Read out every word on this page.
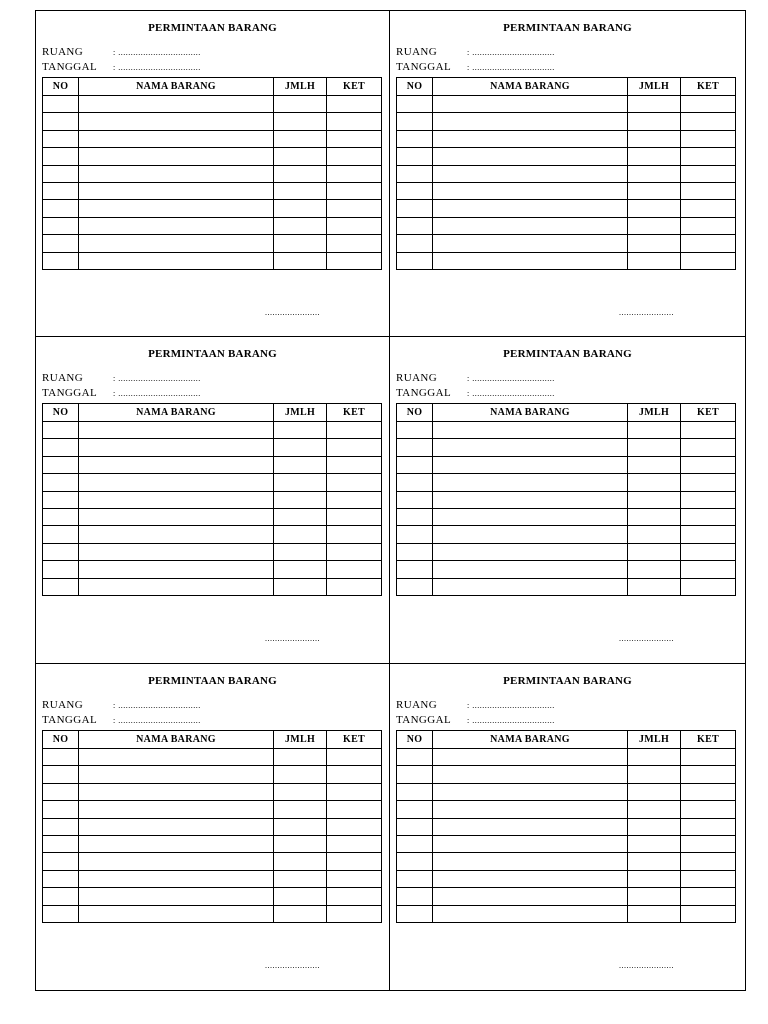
PERMINTAAN BARANG
RUANG	: .................................
TANGGAL : .................................
NO	NAMA BARANG	JMLH	KET

......................
PERMINTAAN BARANG
RUANG	: .................................
TANGGAL : .................................
NO	NAMA BARANG	JMLH	KET

......................
PERMINTAAN BARANG
RUANG	: .................................
TANGGAL : .................................
NO	NAMA BARANG	JMLH	KET

......................
PERMINTAAN BARANG
RUANG	: .................................
TANGGAL : .................................
NO	NAMA BARANG	JMLH	KET

......................
PERMINTAAN BARANG
RUANG	: .................................
TANGGAL : .................................
NO	NAMA BARANG	JMLH	KET

......................
PERMINTAAN BARANG
RUANG	: .................................
TANGGAL : .................................
NO	NAMA BARANG	JMLH	KET

......................
